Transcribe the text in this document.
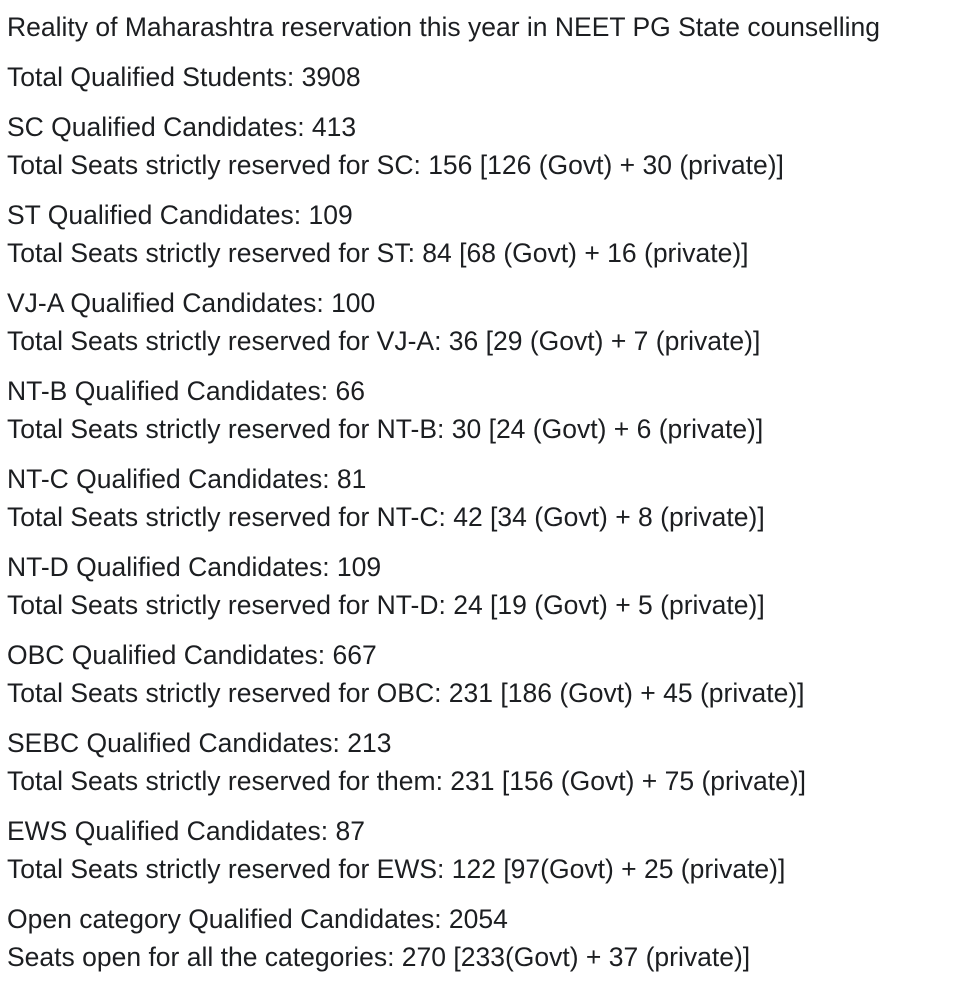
Reality of Maharashtra reservation this year in NEET PG State counselling

Total Qualified Students: 3908

SC Qualified Candidates: 413

Total Seats strictly reserved for SC: 156 [126 (Govt) + 30 (private)]

ST Qualified Candidates: 109

Total Seats strictly reserved for ST: 84 [68 (Govt) + 16 (private)]

VJ-A Qualified Candidates: 100

Total Seats strictly reserved for VJ-A: 36 [29 (Govt) + 7 (private)]

NT-B Qualified Candidates: 66

Total Seats strictly reserved for NT-B: 30 [24 (Govt) + 6 (private)]

NT-C Qualified Candidates: 81

Total Seats strictly reserved for NT-C: 42 [34 (Govt) + 8 (private)]

NT-D Qualified Candidates: 109

Total Seats strictly reserved for NT-D: 24 [19 (Govt) + 5 (private)]

OBC Qualified Candidates: 667

Total Seats strictly reserved for OBC: 231 [186 (Govt) + 45 (private)]

SEBC Qualified Candidates: 213

Total Seats strictly reserved for them: 231 [156 (Govt) + 75 (private)]

EWS Qualified Candidates: 87

Total Seats strictly reserved for EWS: 122 [97(Govt) + 25 (private)]

Open category Qualified Candidates: 2054

Seats open for all the categories: 270 [233(Govt) + 37 (private)]
